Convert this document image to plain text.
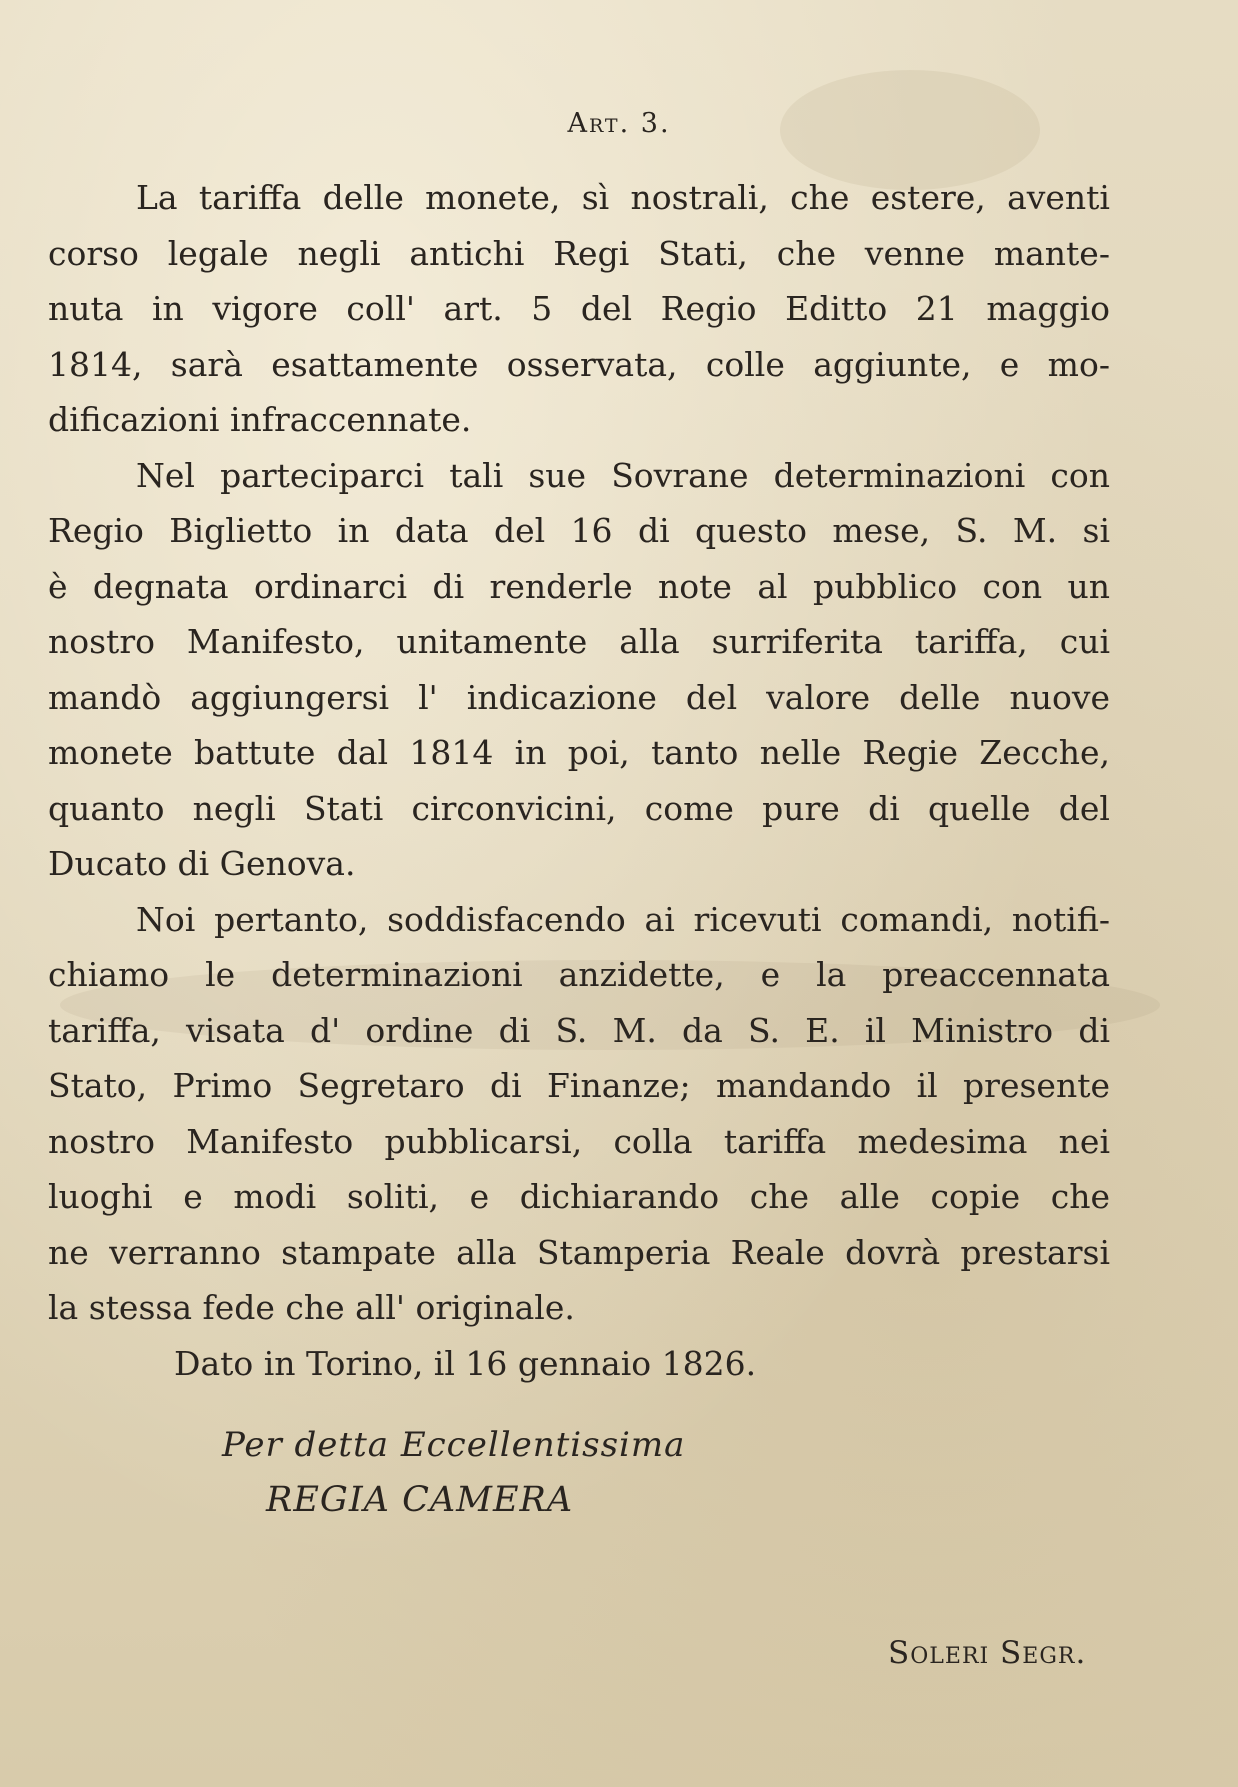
Art. 3.

La tariffa delle monete, sì nostrali, che estere, aventi
corso legale negli antichi Regi Stati, che venne mante-
nuta in vigore coll' art. 5 del Regio Editto 21 maggio
1814, sarà esattamente osservata, colle aggiunte, e mo-
dificazioni infraccennate.

Nel parteciparci tali sue Sovrane determinazioni con
Regio Biglietto in data del 16 di questo mese, S. M. si
è degnata ordinarci di renderle note al pubblico con un
nostro Manifesto, unitamente alla surriferita tariffa, cui
mandò aggiungersi l' indicazione del valore delle nuove
monete battute dal 1814 in poi, tanto nelle Regie Zecche,
quanto negli Stati circonvicini, come pure di quelle del
Ducato di Genova.

Noi pertanto, soddisfacendo ai ricevuti comandi, notifi-
chiamo le determinazioni anzidette, e la preaccennata
tariffa, visata d' ordine di S. M. da S. E. il Ministro di
Stato, Primo Segretaro di Finanze; mandando il presente
nostro Manifesto pubblicarsi, colla tariffa medesima nei
luoghi e modi soliti, e dichiarando che alle copie che
ne verranno stampate alla Stamperia Reale dovrà prestarsi
la stessa fede che all' originale.

Dato in Torino, il 16 gennaio 1826.

Per detta Eccellentissima
REGIA CAMERA
Soleri Segr.
